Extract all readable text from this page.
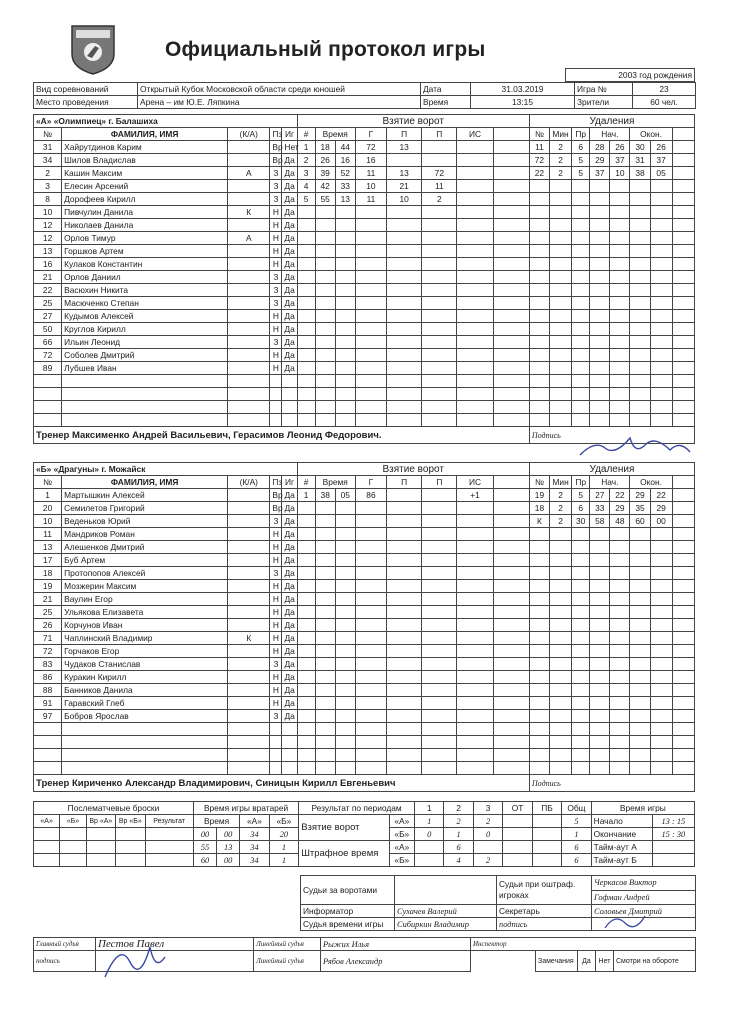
Официальный протокол игры
2003 год рождения
Вид соревнований	Открытый Кубок Московской области среди юношей	Дата	31.03.2019	Игра №	23
Место проведения	Арена – им Ю.Е. Ляпкина	Время	13:15	Зрители	60 чел.
«А» «Олимпиец» г. Балашиха					Взятие ворот								Удаления							
№	ФАМИЛИЯ, ИМЯ	(К/А)	Пз	Иг	#	Время		Г	П	П	ИС		№	Мин	Пр	Нач.		Окон.		
31	Хайрутдинов Карим		Вр	Нет	1	18	44	72	13				11	2	6	28	26	30	26	
34	Шилов Владислав		Вр	Да	2	26	16	16					72	2	5	29	37	31	37	
2	Кашин Максим	А	З	Да	3	39	52	11	13	72			22	2	5	37	10	38	05	
3	Елесин Арсений		З	Да	4	42	33	10	21	11										
8	Дорофеев Кирилл		З	Да	5	55	13	11	10	2										
10	Пивчулин Данила	К	Н	Да																
12	Николаев Данила		Н	Да																
12	Орлов Тимур	А	Н	Да																
13	Горшков Артем		Н	Да																
16	Кулаков Константин		Н	Да																
21	Орлов Даниил		З	Да																
22	Васюхин Никита		З	Да																
25	Масюченко Степан		З	Да																
27	Кудымов Алексей		Н	Да																
50	Круглов Кирилл		Н	Да																
66	Ильин Леонид		З	Да																
72	Соболев Дмитрий		Н	Да																
89	Лубшев Иван		Н	Да																

Тренер Максименко Андрей Васильевич, Герасимов Леонид Федорович.													Подпись							
«Б» «Драгуны» г. Можайск					Взятие ворот								Удаления							
№	ФАМИЛИЯ, ИМЯ	(К/А)	Пз	Иг	#	Время		Г	П	П	ИС		№	Мин	Пр	Нач.		Окон.		
1	Мартышкин Алексей		Вр	Да	1	38	05	86			+1		19	2	5	27	22	29	22	
20	Семилетов Григорий		Вр	Да									18	2	6	33	29	35	29	
10	Веденьков Юрий		З	Да									К	2	30	58	48	60	00	
11	Мандриков Роман		Н	Да																
13	Алешенков Дмитрий		Н	Да																
17	Буб Артем		Н	Да																
18	Протопопов Алексей		З	Да																
19	Мозжерин Максим		Н	Да																
21	Ваулин Егор		Н	Да																
25	Ульякова Елизавета		Н	Да																
26	Корчунов Иван		Н	Да																
71	Чаплинский Владимир	К	Н	Да																
72	Горчаков Егор		Н	Да																
83	Чудаков Станислав		З	Да																
86	Куракин Кирилл		Н	Да																
88	Банников Данила		Н	Да																
91	Гаравский Глеб		Н	Да																
97	Бобров Ярослав		З	Да																

Тренер Кириченко Александр Владимирович, Синицын Кирилл Евгеньевич													Подпись							
Послематчевые броски					Время игры вратарей				Результат по периодам		1	2	3	ОТ	ПБ	Общ	Время игры	
«А»	«Б»	Вр «А»	Вр «Б»	Результат	Время		«А»	«Б»	Взятие ворот	«А»	1	2	2			5	Начало	13 : 15
					00	00	34	20		«Б»	0	1	0			1	Окончание	15 : 30
					55	13	34	1	Штрафное время	«А»		6				6	Тайм-аут А	
					60	00	34	1		«Б»		4	2			6	Тайм-аут Б	
Судьи за воротами		Судьи при оштраф. игроках	Черкасов Виктор
			Гофман Андрей
Информатор	Сухачев Валерий	Секретарь	Соловьев Дмитрий
Судья времени игры	Сибиркин Владимир	подпись	
Главный судья	Пестов Павел	Линейный судья	Рыжих Илья	Инспектор				
подпись		Линейный судья	Рябов Александр		Замечания	Да	Нет	Смотри на обороте
